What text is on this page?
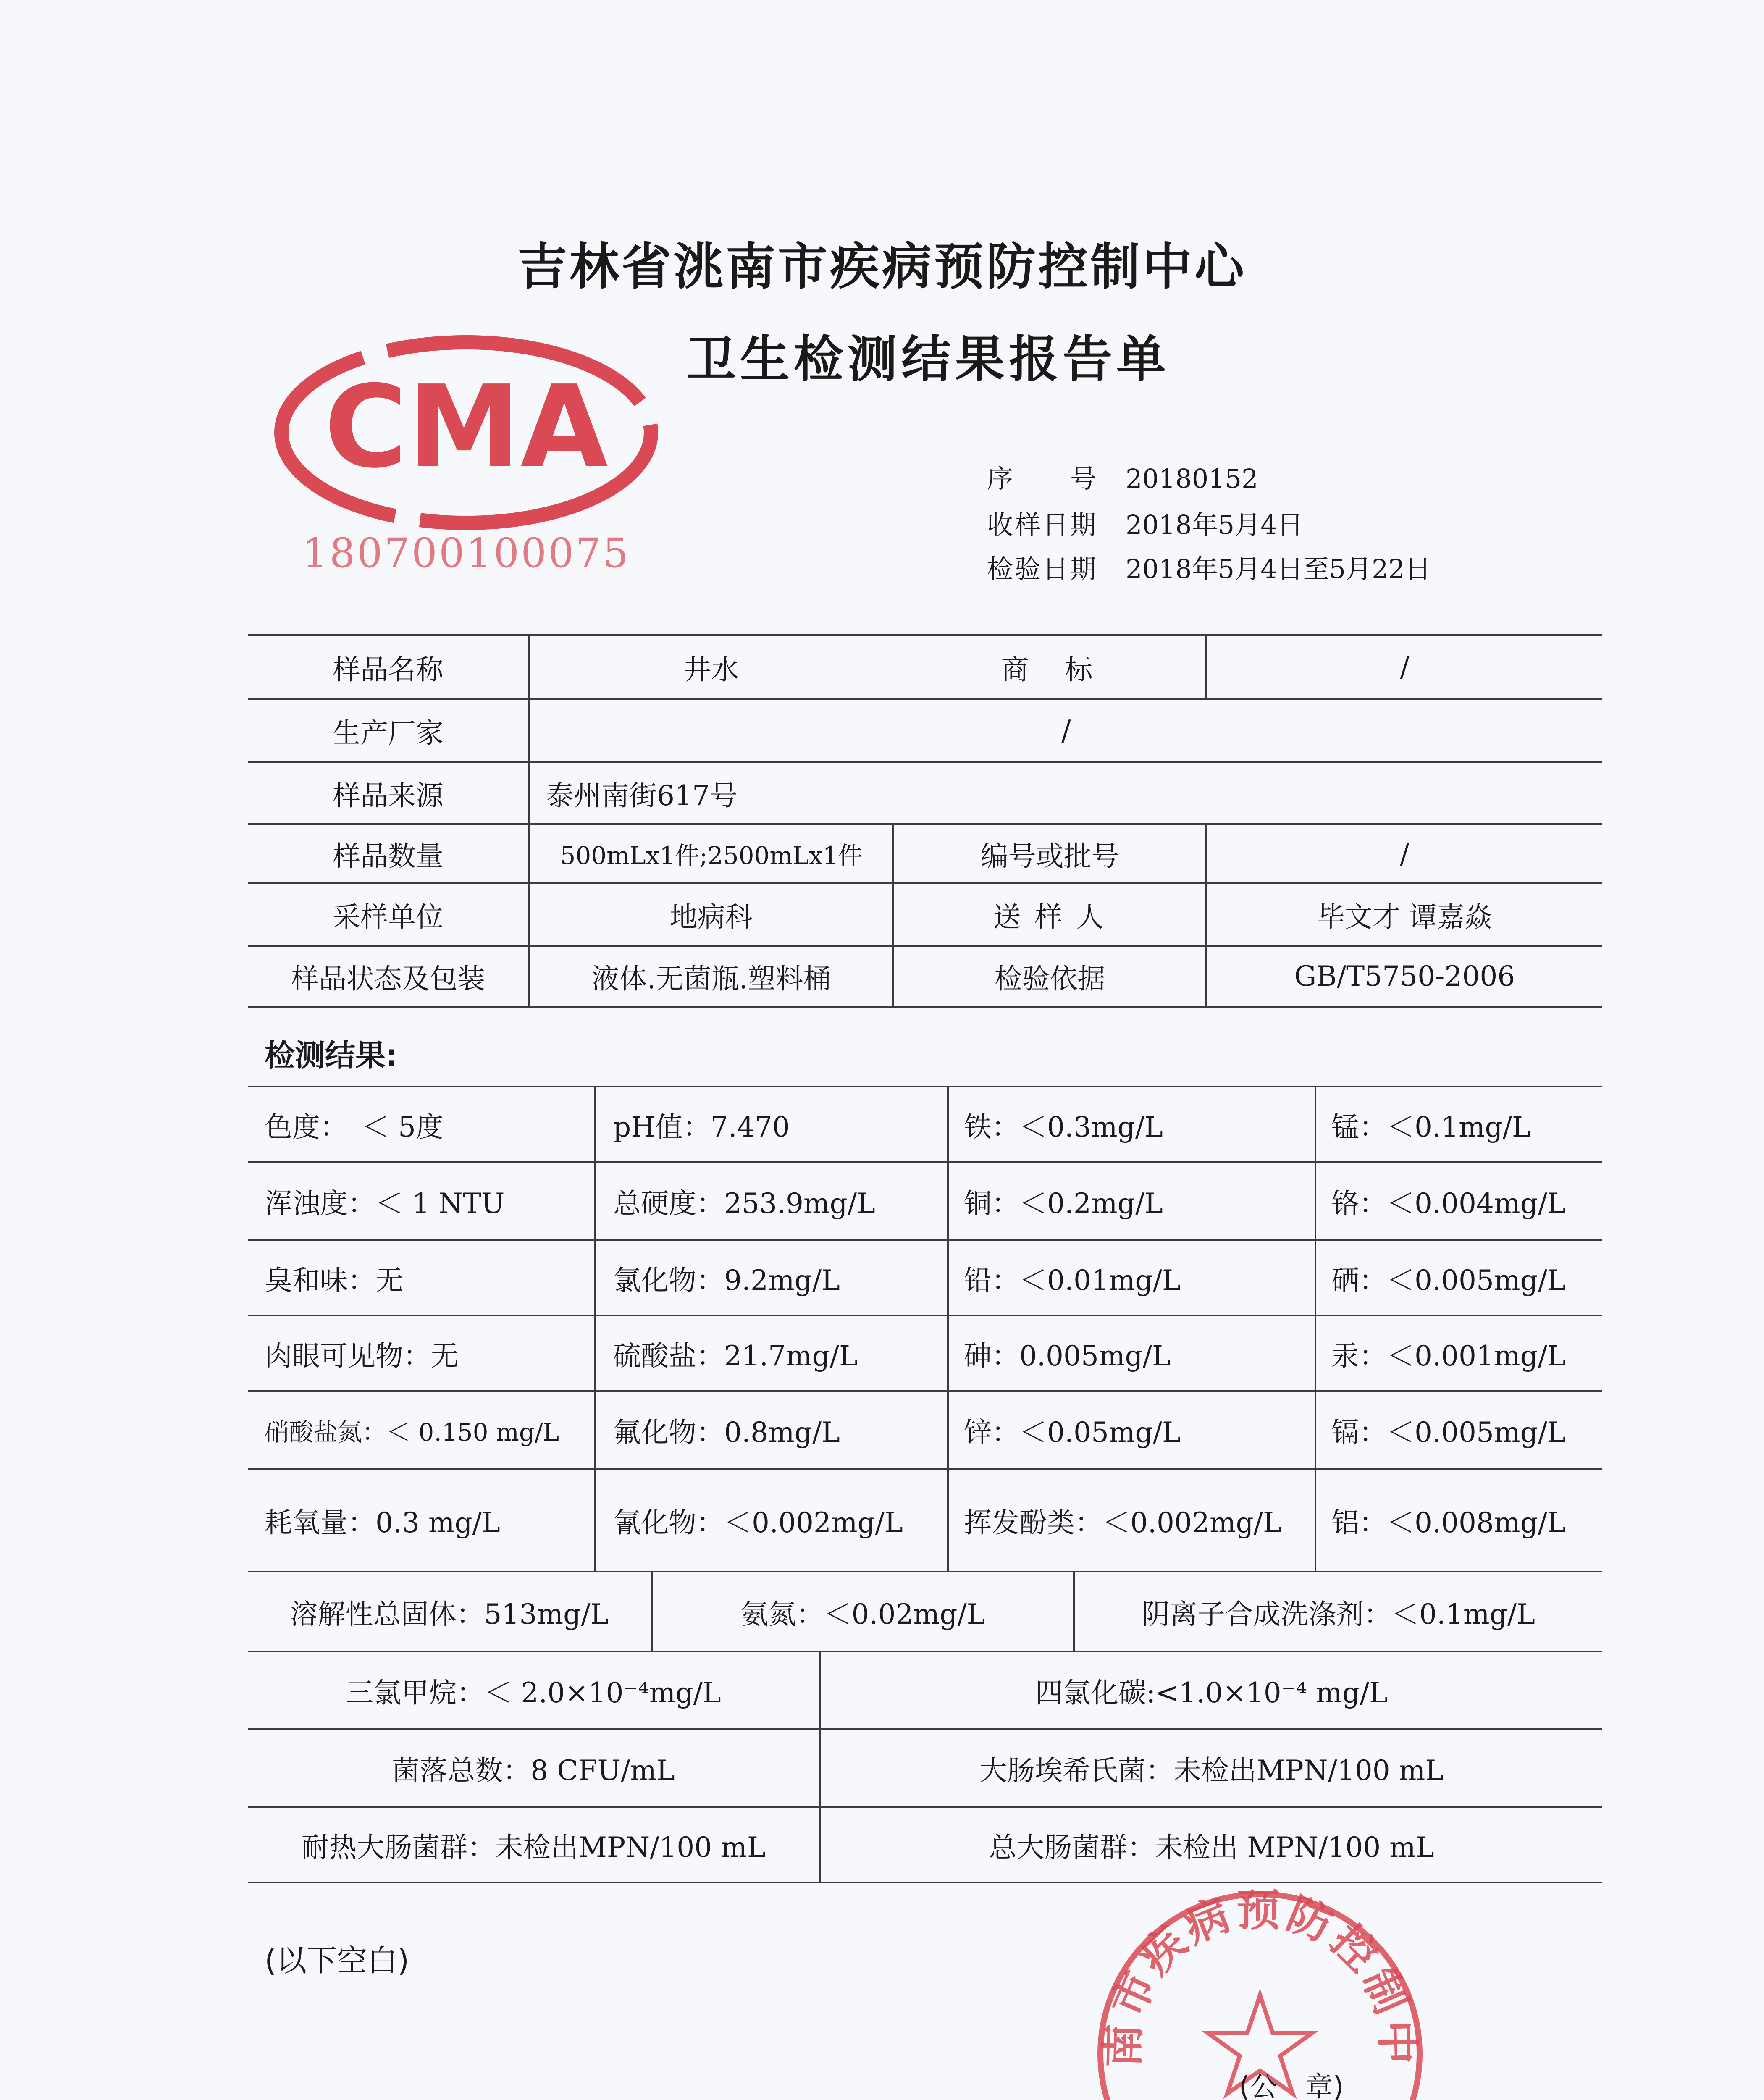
吉林省洮南市疾病预防控制中心
卫生检测结果报告单
CMA
180700100075
序　　号 20180152
收样日期 2018年5月4日
检验日期 2018年5月4日至5月22日
样品名称	井水	商　标	/
生产厂家	/
样品来源	泰州南街617号
样品数量	500mLx1件;2500mLx1件	编号或批号	/
采样单位	地病科	送 样 人	毕文才 谭嘉焱
样品状态及包装	液体.无菌瓶.塑料桶	检验依据	GB/T5750-2006
检测结果:
色度：　＜ 5度	pH值：7.470	铁：＜0.3mg/L	锰：＜0.1mg/L
浑浊度：＜ 1 NTU	总硬度：253.9mg/L	铜：＜0.2mg/L	铬：＜0.004mg/L
臭和味：无	氯化物：9.2mg/L	铅：＜0.01mg/L	硒：＜0.005mg/L
肉眼可见物：无	硫酸盐：21.7mg/L	砷：0.005mg/L	汞：＜0.001mg/L
硝酸盐氮：＜ 0.150 mg/L	氟化物：0.8mg/L	锌：＜0.05mg/L	镉：＜0.005mg/L
耗氧量：0.3 mg/L	氰化物：＜0.002mg/L	挥发酚类：＜0.002mg/L	铝：＜0.008mg/L
溶解性总固体：513mg/L	氨氮：＜0.02mg/L	阴离子合成洗涤剂：＜0.1mg/L
三氯甲烷：＜ 2.0×10⁻⁴mg/L	四氯化碳:<1.0×10⁻⁴ mg/L
菌落总数：8 CFU/mL	大肠埃希氏菌：未检出MPN/100 mL
耐热大肠菌群：未检出MPN/100 mL	总大肠菌群：未检出 MPN/100 mL
(以下空白)
南市疾病预防控制中
(公　章)
